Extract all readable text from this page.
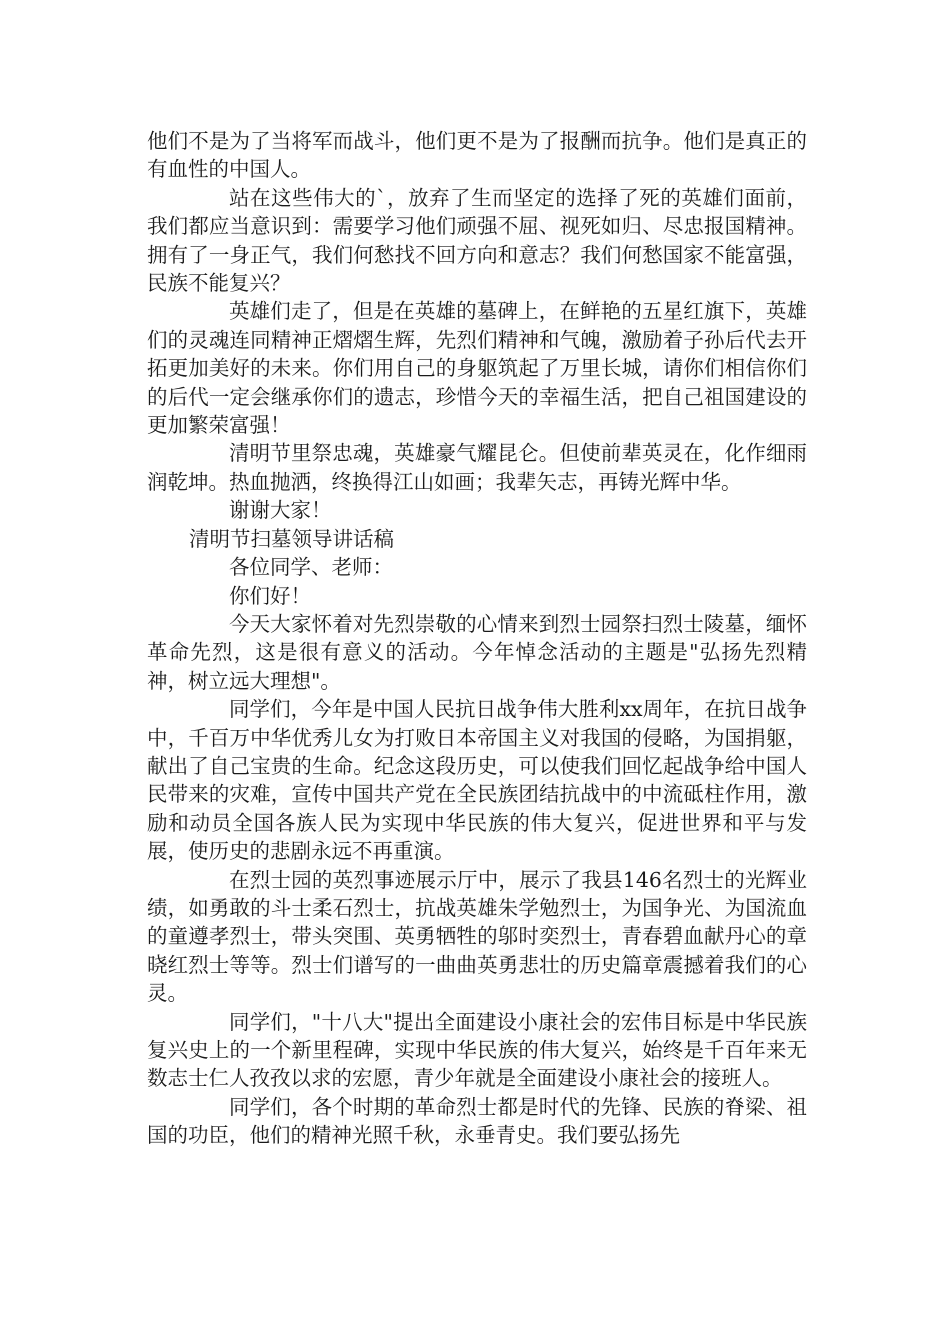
他们不是为了当将军而战斗，他们更不是为了报酬而抗争。他们是真正的有血性的中国人。

站在这些伟大的`，放弃了生而坚定的选择了死的英雄们面前，我们都应当意识到：需要学习他们顽强不屈、视死如归、尽忠报国精神。拥有了一身正气，我们何愁找不回方向和意志？我们何愁国家不能富强，民族不能复兴？

英雄们走了，但是在英雄的墓碑上，在鲜艳的五星红旗下，英雄们的灵魂连同精神正熠熠生辉，先烈们精神和气魄，激励着子孙后代去开拓更加美好的未来。你们用自己的身躯筑起了万里长城，请你们相信你们的后代一定会继承你们的遗志，珍惜今天的幸福生活，把自己祖国建设的更加繁荣富强！

清明节里祭忠魂，英雄豪气耀昆仑。但使前辈英灵在，化作细雨润乾坤。热血抛洒，终换得江山如画；我辈矢志，再铸光辉中华。

谢谢大家！

清明节扫墓领导讲话稿

各位同学、老师：

你们好！

今天大家怀着对先烈崇敬的心情来到烈士园祭扫烈士陵墓，缅怀革命先烈，这是很有意义的活动。今年悼念活动的主题是"弘扬先烈精神，树立远大理想"。

同学们，今年是中国人民抗日战争伟大胜利xx周年，在抗日战争中，千百万中华优秀儿女为打败日本帝国主义对我国的侵略，为国捐躯，献出了自己宝贵的生命。纪念这段历史，可以使我们回忆起战争给中国人民带来的灾难，宣传中国共产党在全民族团结抗战中的中流砥柱作用，激励和动员全国各族人民为实现中华民族的伟大复兴，促进世界和平与发展，使历史的悲剧永远不再重演。

在烈士园的英烈事迹展示厅中，展示了我县146名烈士的光辉业绩，如勇敢的斗士柔石烈士，抗战英雄朱学勉烈士，为国争光、为国流血的童遵孝烈士，带头突围、英勇牺牲的邬时奕烈士，青春碧血献丹心的章晓红烈士等等。烈士们谱写的一曲曲英勇悲壮的历史篇章震撼着我们的心灵。

同学们，"十八大"提出全面建设小康社会的宏伟目标是中华民族复兴史上的一个新里程碑，实现中华民族的伟大复兴，始终是千百年来无数志士仁人孜孜以求的宏愿，青少年就是全面建设小康社会的接班人。

同学们，各个时期的革命烈士都是时代的先锋、民族的脊梁、祖国的功臣，他们的精神光照千秋，永垂青史。我们要弘扬先
